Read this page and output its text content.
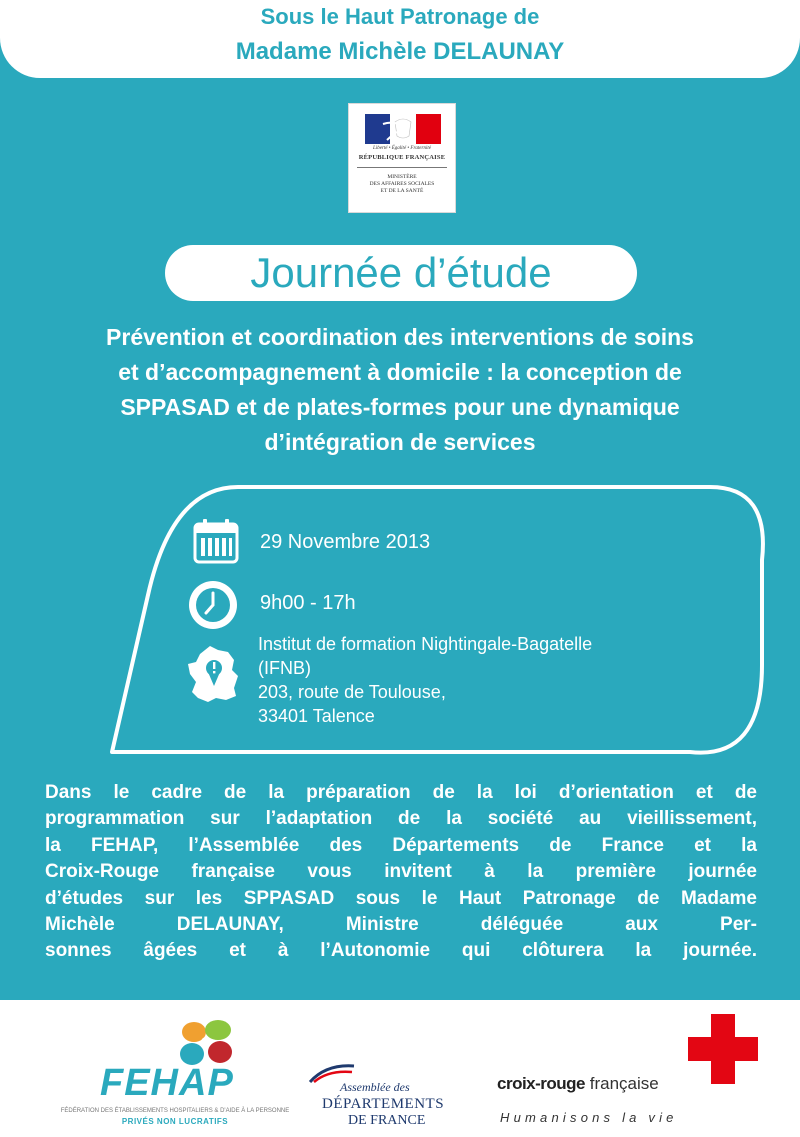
Sous le Haut Patronage de
Madame Michèle DELAUNAY
Liberté • Égalité • Fraternité
RÉPUBLIQUE FRANÇAISE
MINISTÈRE
DES AFFAIRES SOCIALES
ET DE LA SANTÉ
Journée d’étude
Prévention et coordination des interventions de soins
et d’accompagnement à domicile : la conception de
SPPASAD et de plates-formes pour une dynamique
d’intégration de services
29 Novembre 2013
9h00 - 17h
Institut de formation Nightingale-Bagatelle
(IFNB)
203, route de Toulouse,
33401 Talence
Dans le cadre de la préparation de la loi d’orientation et de
programmation sur l’adaptation de la société au vieillissement,
la FEHAP, l’Assemblée des Départements de France et la
Croix-Rouge française vous invitent à la première journée
d’études sur les SPPASAD sous le Haut Patronage de Madame
Michèle DELAUNAY, Ministre déléguée aux Per-
sonnes âgées et à l’Autonomie qui clôturera la journée.
FEHAP
FÉDÉRATION DES ÉTABLISSEMENTS HOSPITALIERS & D'AIDE À LA PERSONNE
PRIVÉS NON LUCRATIFS
Assemblée des
DÉPARTEMENTS
DE FRANCE
croix-rouge française
Humanisons la vie
